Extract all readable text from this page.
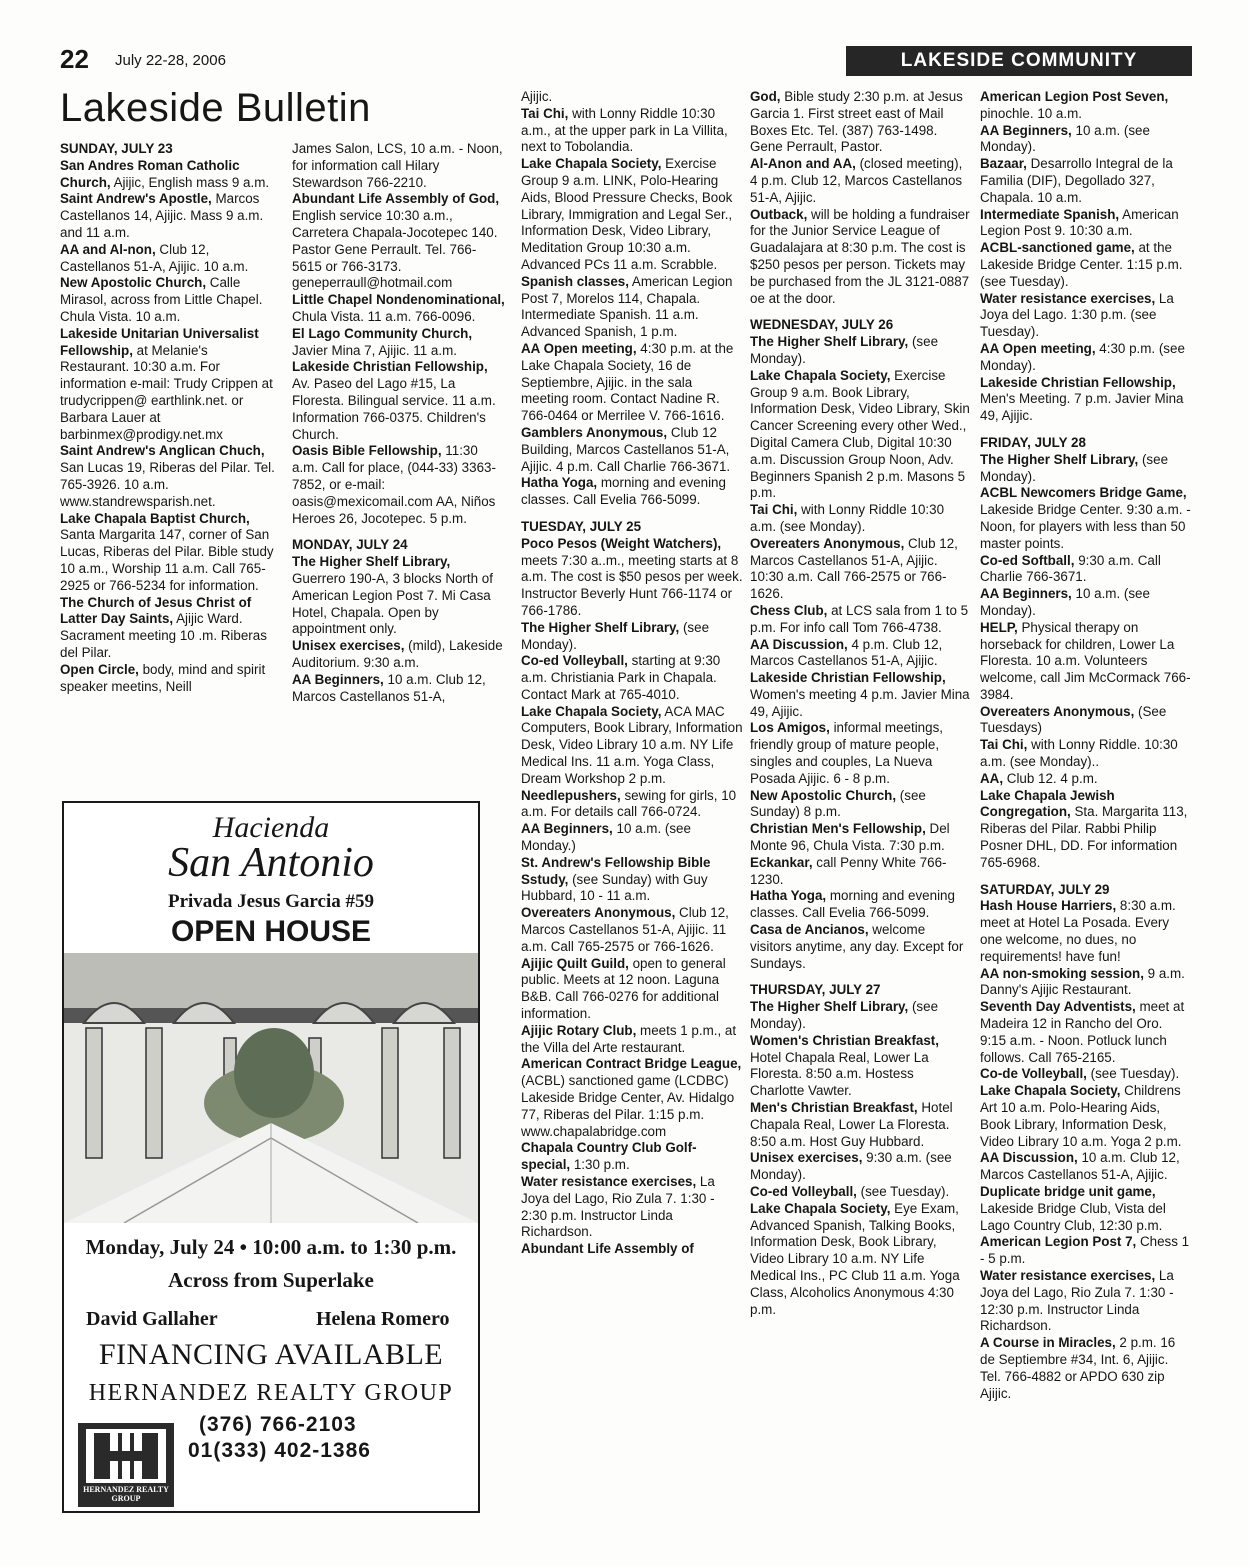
22 July 22-28, 2006	LAKESIDE COMMUNITY
Lakeside Bulletin

SUNDAY, JULY 23

San Andres Roman Catholic Church, Ajijic, English mass 9 a.m.

Saint Andrew's Apostle, Marcos Castellanos 14, Ajijic. Mass 9 a.m. and 11 a.m.

AA and Al-non, Club 12, Castellanos 51-A, Ajijic. 10 a.m.

New Apostolic Church, Calle Mirasol, across from Little Chapel. Chula Vista. 10 a.m.

Lakeside Unitarian Universalist Fellowship, at Melanie's Restaurant. 10:30 a.m. For information e-mail: Trudy Crippen at trudycrippen@ earthlink.net. or Barbara Lauer at barbinmex@prodigy.net.mx

Saint Andrew's Anglican Chuch, San Lucas 19, Riberas del Pilar. Tel. 765-3926. 10 a.m. www.standrewsparish.net.

Lake Chapala Baptist Church, Santa Margarita 147, corner of San Lucas, Riberas del Pilar. Bible study 10 a.m., Worship 11 a.m. Call 765-2925 or 766-5234 for information.

The Church of Jesus Christ of Latter Day Saints, Ajijic Ward. Sacrament meeting 10 .m. Riberas del Pilar.

Open Circle, body, mind and spirit speaker meetins, Neill

James Salon, LCS, 10 a.m. - Noon, for information call Hilary Stewardson 766-2210.

Abundant Life Assembly of God, English service 10:30 a.m., Carretera Chapala-Jocotepec 140. Pastor Gene Perrault. Tel. 766-5615 or 766-3173. geneperraull@hotmail.com

Little Chapel Nondenominational, Chula Vista. 11 a.m. 766-0096.

El Lago Community Church, Javier Mina 7, Ajijic. 11 a.m.

Lakeside Christian Fellowship, Av. Paseo del Lago #15, La Floresta. Bilingual service. 11 a.m. Information 766-0375. Children's Church.

Oasis Bible Fellowship, 11:30 a.m. Call for place, (044-33) 3363-7852, or e-mail: oasis@mexicomail.com AA, Niños Heroes 26, Jocotepec. 5 p.m.

MONDAY, JULY 24

The Higher Shelf Library, Guerrero 190-A, 3 blocks North of American Legion Post 7. Mi Casa Hotel, Chapala. Open by appointment only.

Unisex exercises, (mild), Lakeside Auditorium. 9:30 a.m.

AA Beginners, 10 a.m. Club 12, Marcos Castellanos 51-A,

Ajijic.

Tai Chi, with Lonny Riddle 10:30 a.m., at the upper park in La Villita, next to Tobolandia.

Lake Chapala Society, Exercise Group 9 a.m. LINK, Polo-Hearing Aids, Blood Pressure Checks, Book Library, Immigration and Legal Ser., Information Desk, Video Library, Meditation Group 10:30 a.m. Advanced PCs 11 a.m. Scrabble.

Spanish classes, American Legion Post 7, Morelos 114, Chapala. Intermediate Spanish. 11 a.m. Advanced Spanish, 1 p.m.

AA Open meeting, 4:30 p.m. at the Lake Chapala Society, 16 de Septiembre, Ajijic. in the sala meeting room. Contact Nadine R. 766-0464 or Merrilee V. 766-1616.

Gamblers Anonymous, Club 12 Building, Marcos Castellanos 51-A, Ajijic. 4 p.m. Call Charlie 766-3671.

Hatha Yoga, morning and evening classes. Call Evelia 766-5099.

TUESDAY, JULY 25

Poco Pesos (Weight Watchers), meets 7:30 a..m., meeting starts at 8 a.m. The cost is $50 pesos per week. Instructor Beverly Hunt 766-1174 or 766-1786.

The Higher Shelf Library, (see Monday).

Co-ed Volleyball, starting at 9:30 a.m. Christiania Park in Chapala. Contact Mark at 765-4010.

Lake Chapala Society, ACA MAC Computers, Book Library, Information Desk, Video Library 10 a.m. NY Life Medical Ins. 11 a.m. Yoga Class, Dream Workshop 2 p.m.

Needlepushers, sewing for girls, 10 a.m. For details call 766-0724.

AA Beginners, 10 a.m. (see Monday.)

St. Andrew's Fellowship Bible Sstudy, (see Sunday) with Guy Hubbard, 10 - 11 a.m.

Overeaters Anonymous, Club 12, Marcos Castellanos 51-A, Ajijic. 11 a.m. Call 765-2575 or 766-1626.

Ajijic Quilt Guild, open to general public. Meets at 12 noon. Laguna B&B. Call 766-0276 for additional information.

Ajijic Rotary Club, meets 1 p.m., at the Villa del Arte restaurant.

American Contract Bridge League, (ACBL) sanctioned game (LCDBC) Lakeside Bridge Center, Av. Hidalgo 77, Riberas del Pilar. 1:15 p.m. www.chapalabridge.com

Chapala Country Club Golf-special, 1:30 p.m.

Water resistance exercises, La Joya del Lago, Rio Zula 7. 1:30 - 2:30 p.m. Instructor Linda Richardson.

Abundant Life Assembly of

God, Bible study 2:30 p.m. at Jesus Garcia 1. First street east of Mail Boxes Etc. Tel. (387) 763-1498. Gene Perrault, Pastor.

Al-Anon and AA, (closed meeting), 4 p.m. Club 12, Marcos Castellanos 51-A, Ajijic.

Outback, will be holding a fundraiser for the Junior Service League of Guadalajara at 8:30 p.m. The cost is $250 pesos per person. Tickets may be purchased from the JL 3121-0887 oe at the door.

WEDNESDAY, JULY 26

The Higher Shelf Library, (see Monday).

Lake Chapala Society, Exercise Group 9 a.m. Book Library, Information Desk, Video Library, Skin Cancer Screening every other Wed., Digital Camera Club, Digital 10:30 a.m. Discussion Group Noon, Adv. Beginners Spanish 2 p.m. Masons 5 p.m.

Tai Chi, with Lonny Riddle 10:30 a.m. (see Monday).

Overeaters Anonymous, Club 12, Marcos Castellanos 51-A, Ajijic. 10:30 a.m. Call 766-2575 or 766-1626.

Chess Club, at LCS sala from 1 to 5 p.m. For info call Tom 766-4738.

AA Discussion, 4 p.m. Club 12, Marcos Castellanos 51-A, Ajijic.

Lakeside Christian Fellowship, Women's meeting 4 p.m. Javier Mina 49, Ajijic.

Los Amigos, informal meetings, friendly group of mature people, singles and couples, La Nueva Posada Ajijic. 6 - 8 p.m.

New Apostolic Church, (see Sunday) 8 p.m.

Christian Men's Fellowship, Del Monte 96, Chula Vista. 7:30 p.m.

Eckankar, call Penny White 766-1230.

Hatha Yoga, morning and evening classes. Call Evelia 766-5099.

Casa de Ancianos, welcome visitors anytime, any day. Except for Sundays.

THURSDAY, JULY 27

The Higher Shelf Library, (see Monday).

Women's Christian Breakfast, Hotel Chapala Real, Lower La Floresta. 8:50 a.m. Hostess Charlotte Vawter.

Men's Christian Breakfast, Hotel Chapala Real, Lower La Floresta. 8:50 a.m. Host Guy Hubbard.

Unisex exercises, 9:30 a.m. (see Monday).

Co-ed Volleyball, (see Tuesday).

Lake Chapala Society, Eye Exam, Advanced Spanish, Talking Books, Information Desk, Book Library, Video Library 10 a.m. NY Life Medical Ins., PC Club 11 a.m. Yoga Class, Alcoholics Anonymous 4:30 p.m.

American Legion Post Seven, pinochle. 10 a.m.

AA Beginners, 10 a.m. (see Monday).

Bazaar, Desarrollo Integral de la Familia (DIF), Degollado 327, Chapala. 10 a.m.

Intermediate Spanish, American Legion Post 9. 10:30 a.m.

ACBL-sanctioned game, at the Lakeside Bridge Center. 1:15 p.m. (see Tuesday).

Water resistance exercises, La Joya del Lago. 1:30 p.m. (see Tuesday).

AA Open meeting, 4:30 p.m. (see Monday).

Lakeside Christian Fellowship, Men's Meeting. 7 p.m. Javier Mina 49, Ajijic.

FRIDAY, JULY 28

The Higher Shelf Library, (see Monday).

ACBL Newcomers Bridge Game, Lakeside Bridge Center. 9:30 a.m. - Noon, for players with less than 50 master points.

Co-ed Softball, 9:30 a.m. Call Charlie 766-3671.

AA Beginners, 10 a.m. (see Monday).

HELP, Physical therapy on horseback for children, Lower La Floresta. 10 a.m. Volunteers welcome, call Jim McCormack 766-3984.

Overeaters Anonymous, (See Tuesdays)

Tai Chi, with Lonny Riddle. 10:30 a.m. (see Monday)..

AA, Club 12. 4 p.m.

Lake Chapala Jewish Congregation, Sta. Margarita 113, Riberas del Pilar. Rabbi Philip Posner DHL, DD. For information 765-6968.

SATURDAY, JULY 29

Hash House Harriers, 8:30 a.m. meet at Hotel La Posada. Every one welcome, no dues, no requirements! have fun!

AA non-smoking session, 9 a.m. Danny's Ajijic Restaurant.

Seventh Day Adventists, meet at Madeira 12 in Rancho del Oro. 9:15 a.m. - Noon. Potluck lunch follows. Call 765-2165.

Co-de Volleyball, (see Tuesday).

Lake Chapala Society, Childrens Art 10 a.m. Polo-Hearing Aids, Book Library, Information Desk, Video Library 10 a.m. Yoga 2 p.m.

AA Discussion, 10 a.m. Club 12, Marcos Castellanos 51-A, Ajijic.

Duplicate bridge unit game, Lakeside Bridge Club, Vista del Lago Country Club, 12:30 p.m.

American Legion Post 7, Chess 1 - 5 p.m.

Water resistance exercises, La Joya del Lago, Rio Zula 7. 1:30 - 12:30 p.m. Instructor Linda Richardson.

A Course in Miracles, 2 p.m. 16 de Septiembre #34, Int. 6, Ajijic. Tel. 766-4882 or APDO 630 zip Ajijic.

Hacienda
San Antonio
Privada Jesus Garcia #59
OPEN HOUSE
Monday, July 24 • 10:00 a.m. to 1:30 p.m.
Across from Superlake
David Gallaher	Helena Romero
FINANCING AVAILABLE
HERNANDEZ REALTY GROUP
HERNANDEZ REALTY GROUP
(376) 766-2103
01(333) 402-1386
